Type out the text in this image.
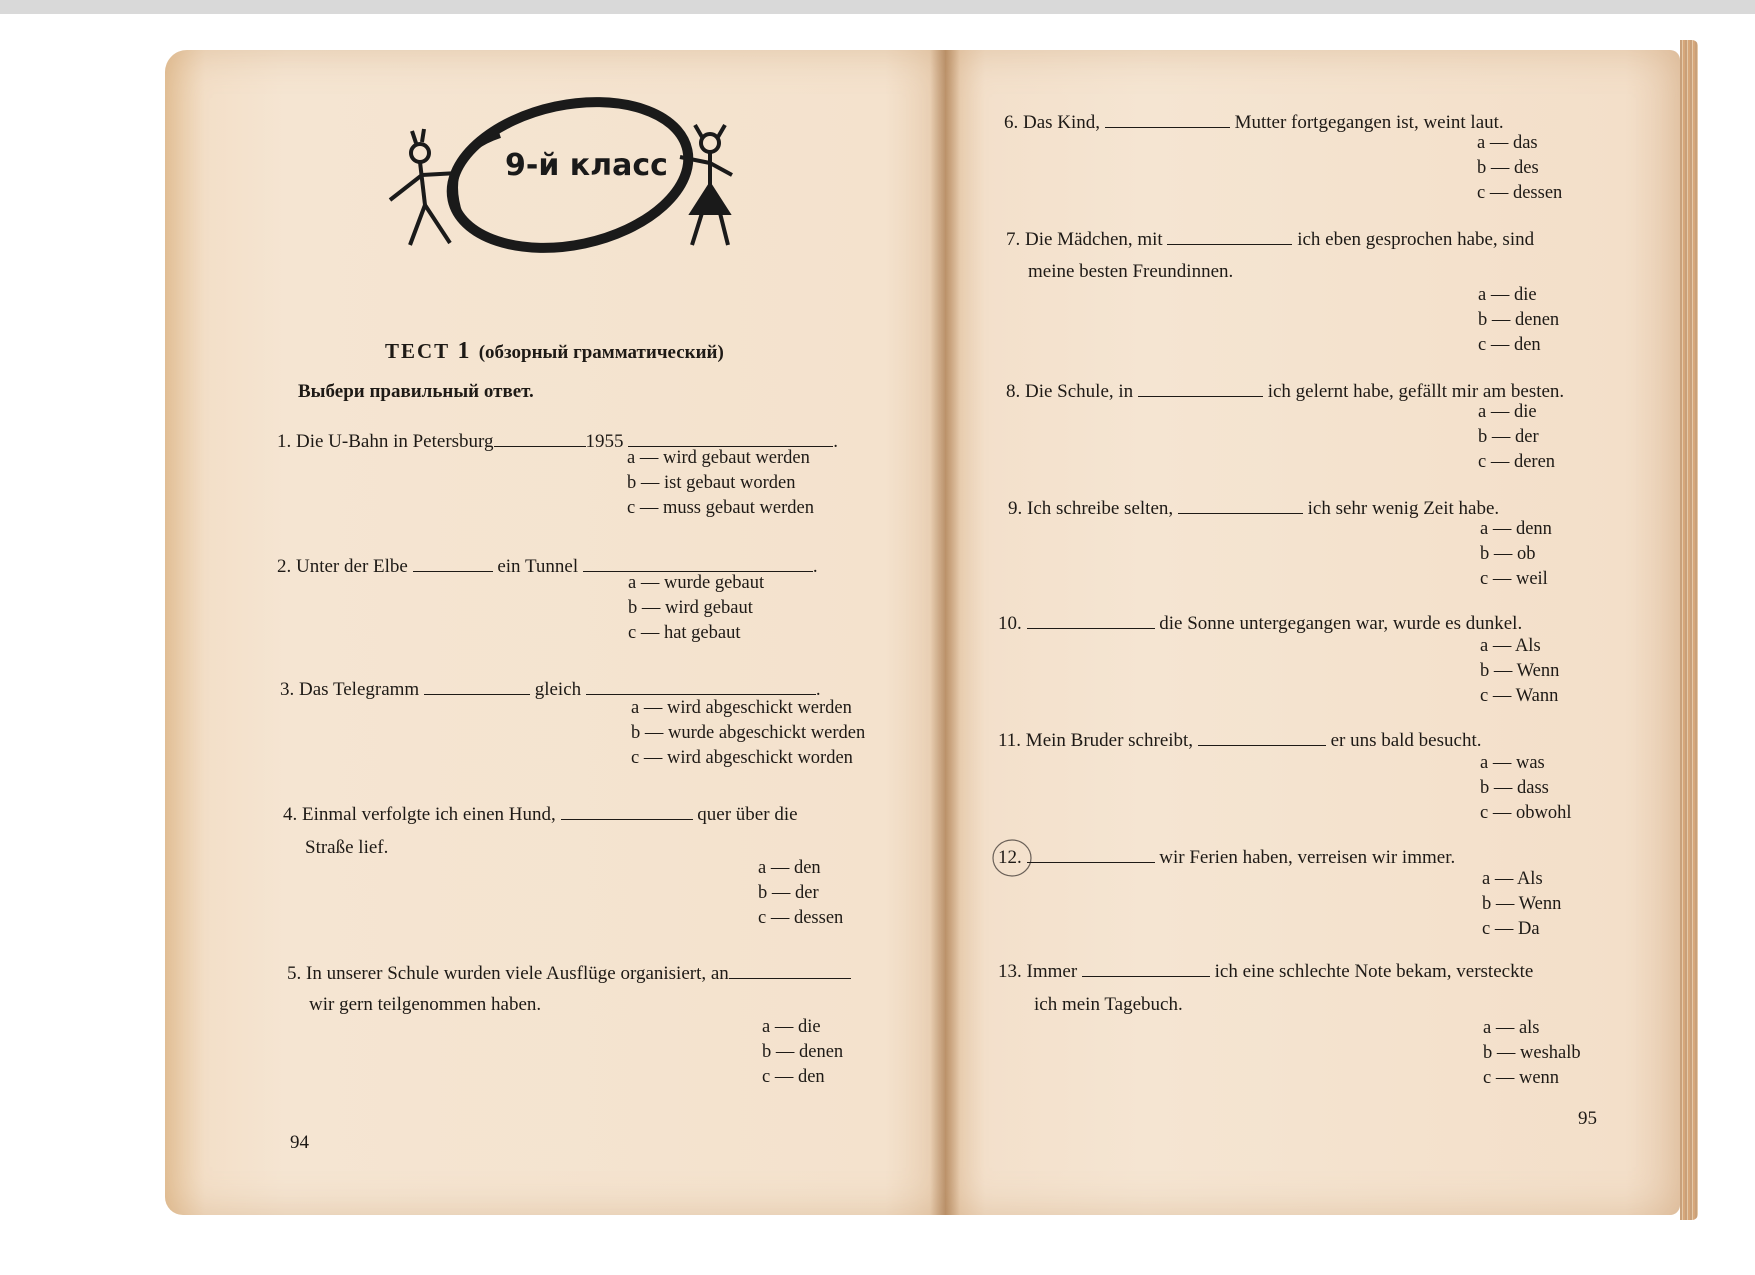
9-й класс
ТЕСТ 1 (обзорный грамматический)
Выбери правильный ответ.
1. Die U-Bahn in Petersburg	1955	.
a — wird gebaut werden
b — ist gebaut worden
c — muss gebaut werden
2. Unter der Elbe	ein Tunnel	.
a — wurde gebaut
b — wird gebaut
c — hat gebaut
3. Das Telegramm	gleich	.
a — wird abgeschickt werden
b — wurde abgeschickt werden
c — wird abgeschickt worden
4. Einmal verfolgte ich einen Hund,	quer über die
Straße lief.
a — den
b — der
c — dessen
5. In unserer Schule wurden viele Ausflüge organisiert, an
wir gern teilgenommen haben.
a — die
b — denen
c — den
94
6. Das Kind,	Mutter fortgegangen ist, weint laut.
a — das
b — des
c — dessen
7. Die Mädchen, mit	ich eben gesprochen habe, sind
meine besten Freundinnen.
a — die
b — denen
c — den
8. Die Schule, in	ich gelernt habe, gefällt mir am besten.
a — die
b — der
c — deren
9. Ich schreibe selten,	ich sehr wenig Zeit habe.
a — denn
b — ob
c — weil
10.	die Sonne untergegangen war, wurde es dunkel.
a — Als
b — Wenn
c — Wann
11. Mein Bruder schreibt,	er uns bald besucht.
a — was
b — dass
c — obwohl
12.	wir Ferien haben, verreisen wir immer.
a — Als
b — Wenn
c — Da
13. Immer	ich eine schlechte Note bekam, versteckte
ich mein Tagebuch.
a — als
b — weshalb
c — wenn
95
